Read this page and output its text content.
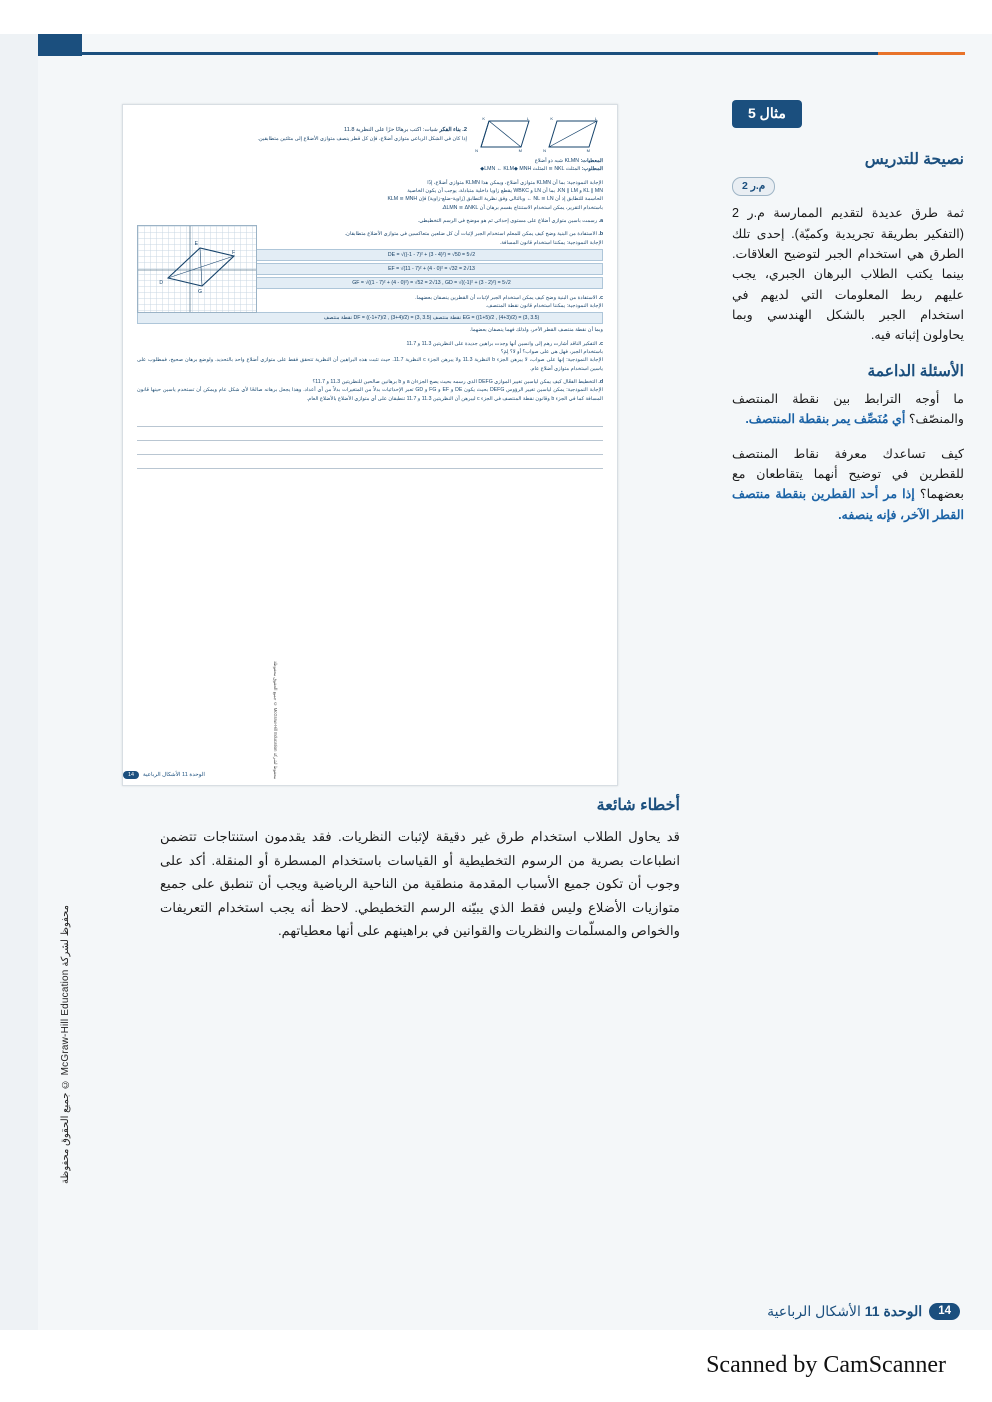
مثال 5
نصيحة للتدريس
م.ر 2

ثمة طرق عديدة لتقديم الممارسة م.ر 2 (التفكير بطريقة تجريدية وكميّة). إحدى تلك الطرق هي استخدام الجبر لتوضيح العلاقات. بينما يكتب الطلاب البرهان الجبري، يجب عليهم ربط المعلومات التي لديهم في استخدام الجبر بالشكل الهندسي وبما يحاولون إثباته فيه.

الأسئلة الداعمة

ما أوجه الترابط بين نقطة المنتصف والمنصّف؟ أي مُنَصِّف يمر بنقطة المنتصف.

كيف تساعدك معرفة نقاط المنتصف للقطرين في توضيح أنهما يتقاطعان مع بعضهما؟ إذا مر أحد القطرين بنقطة منتصف القطر الآخر، فإنه ينصفه.

2. بناء الفكر شيات: اكتب برهانًا حرًا على النظرية 11.8
إذا كان في الشكل الرباعي متوازي أضلاع، فإن كل قطر ينصف متوازي الأضلاع إلى مثلثين متطابقين.
K	L
M
N
K	L
M
N
المعطيات: KLMN شبه ذو أضلاع
المطلوب: المثلث NKL ≅ المثلث LMN ← KLM◆ MNH◆
الإجابة النموذجية: بما أن KLMN متوازي أضلاع، ويمكن هذا KLMN متوازي أضلاع، إذًا
KL ∥ MN و KN ∥ LM. بما أن LN و WBKC يقطع زاويا داخلية متبادلة، يوجب أن يكون الخاصية
الحاسمة للتطابق إذ أن NL ≅ LN ← وبالتالي وفق نظرية التطابق (زاوية-ضلع-زاوية) فإن KLM ≅ MNH
باستخدام التقرير، يمكن استخدام الاستنتاج بقسم برهان أن ΔLMN ≅ ΔNKL.
a. رسمت باسين متوازي أضلاع على مستوى إحداثي ثم هو موضح في الرسم التخطيطي.
D
E
F
G
b. الاستفادة من البنية وضح كيف يمكن للمعلم استخدام الجبر لإثبات أن كل ضلعين متعاكسين في متوازي الأضلاع متطابقان.
الإجابة النموذجية: يمكننا استخدام قانون المسافة.
DE = √((-1 - 7)² + (3 - 4)²) = √50 = 5√2
EF = √(11 - 7)² + (4 - 0)² = √32 = 2√13
GF = √((1 - 7)² + (4 - 0)²) = √52 = 2√13 , GD = √((-1)² + (3 - 2)²) = 5√2
c. الاستفادة من البنية وضح كيف يمكن استخدام الجبر لإثبات أن القطرين ينصفان بعضهما.
الإجابة النموذجية: يمكننا استخدام قانون نقطة المنتصف.
نقطة منتصف DF = ((-1+7)/2 , (3+4)/2) = (3, 3.5) نقطة منتصف EG = ((1+5)/2 , (4+3)/2) = (3, 3.5)
وبما أن نقطة منتصف القطر الأخر، ولذلك فهما ينصفان بعضهما.
c. التفكير الناقد أشارت رهم إلى وانسين أنها وجدت براهين جديدة على النظريتين 11.3 و 11.7
باستخدام الجبر، فهل هي على صواب؟ أو لا؟ لِمَ؟
الإجابة النموذجية: إنها على صواب، لا يبرهن الجزء b النظرية 11.3 ولا يبرهن الجزء c النظرية 11.7. حيث تثبت هذه البراهين أن النظرية تتحقق فقط على متوازي أضلاع واحد بالتحديد. ولوضع برهان صحيح، فمطلوب على ياسين استخدام متوازي أضلاع عام.
d. التخطيط الفعّال كيف يمكن لياسين تغيير الموازي DEFG الذي رسمه بحيث يصح الجزءان a و b برهانين صالحين للنظريتين 11.3 و 11.7؟
الإجابة النموذجية: يمكن لياسين تغيير الرؤوس DEFG بحيث يكون DE و EF و FG و GD تعبر الإحداثيات بدلاً من المتغيرات بدلاً من أي أعداد. وهذا يجعل برهانه صالحًا لأي شكل عام ويمكن أن تستخدم ياسين حينها قانون المسافة كما في الجزء b وقانون نقطة المنتصف في الجزء c ليبرهن أن النظريتين 11.3 و 11.7 تنطبقان على أي متوازي الأضلاع بالأضلاع العام.
محفوظ لشركة McGraw-Hill Education © جميع الحقوق محفوظة
14	الوحدة 11 الأشكال الرباعية
أخطاء شائعة

قد يحاول الطلاب استخدام طرق غير دقيقة لإثبات النظريات. فقد يقدمون استنتاجات تتضمن انطباعات بصرية من الرسوم التخطيطية أو القياسات باستخدام المسطرة أو المنقلة. أكد على وجوب أن تكون جميع الأسباب المقدمة منطقية من الناحية الرياضية ويجب أن تنطبق على جميع متوازيات الأضلاع وليس فقط الذي يبيّنه الرسم التخطيطي. لاحظ أنه يجب استخدام التعريفات والخواص والمسلّمات والنظريات والقوانين في براهينهم على أنها معطياتهم.

محفوظ لشركة McGraw-Hill Education © جميع الحقوق محفوظة
14
الوحدة 11 الأشكال الرباعية
Scanned by CamScanner
